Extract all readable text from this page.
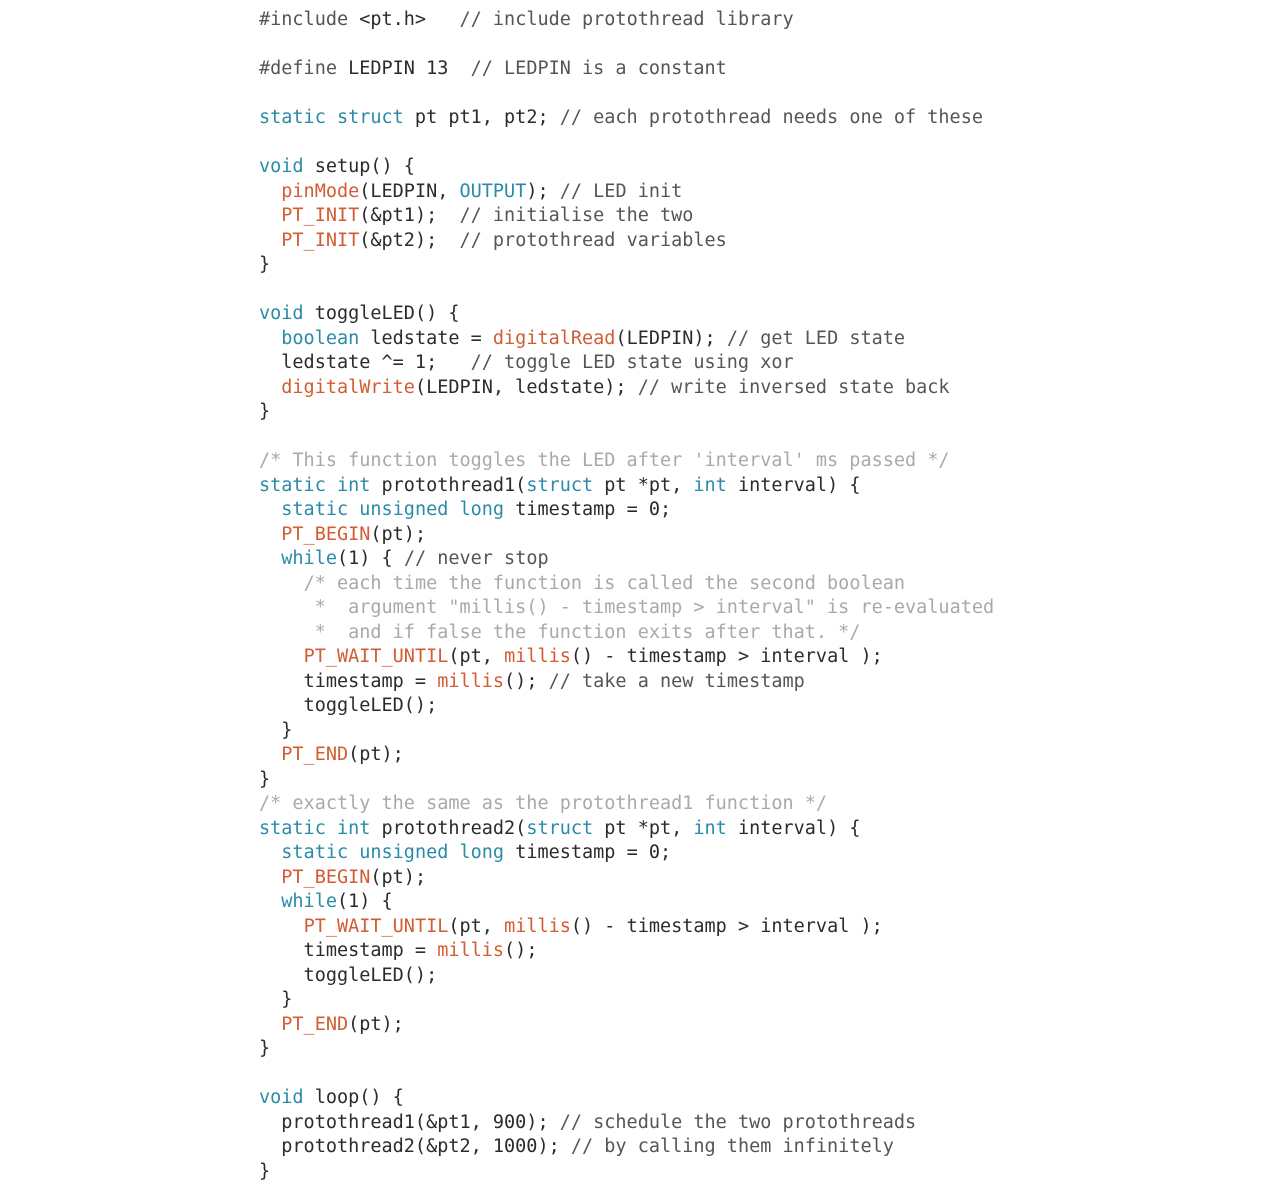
#include <pt.h>   // include protothread library

#define LEDPIN 13  // LEDPIN is a constant

static struct pt pt1, pt2; // each protothread needs one of these

void setup() {
pinMode(LEDPIN, OUTPUT); // LED init
PT_INIT(&pt1);  // initialise the two
PT_INIT(&pt2);  // protothread variables
}

void toggleLED() {
boolean ledstate = digitalRead(LEDPIN); // get LED state
ledstate ^= 1;   // toggle LED state using xor
digitalWrite(LEDPIN, ledstate); // write inversed state back
}

/* This function toggles the LED after 'interval' ms passed */
static int protothread1(struct pt *pt, int interval) {
static unsigned long timestamp = 0;
PT_BEGIN(pt);
while(1) { // never stop
/* each time the function is called the second boolean
*  argument "millis() - timestamp > interval" is re-evaluated
*  and if false the function exits after that. */
PT_WAIT_UNTIL(pt, millis() - timestamp > interval );
timestamp = millis(); // take a new timestamp
toggleLED();
}
PT_END(pt);
}
/* exactly the same as the protothread1 function */
static int protothread2(struct pt *pt, int interval) {
static unsigned long timestamp = 0;
PT_BEGIN(pt);
while(1) {
PT_WAIT_UNTIL(pt, millis() - timestamp > interval );
timestamp = millis();
toggleLED();
}
PT_END(pt);
}

void loop() {
protothread1(&pt1, 900); // schedule the two protothreads
protothread2(&pt2, 1000); // by calling them infinitely
}
